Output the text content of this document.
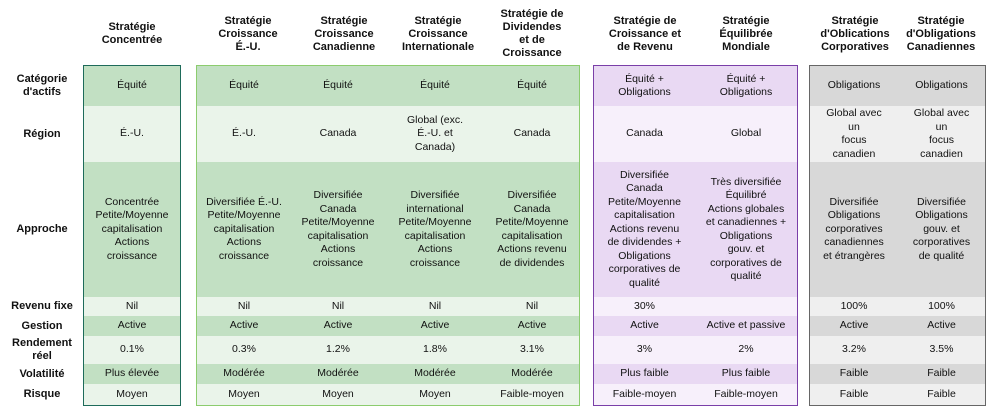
Stratégie
Concentrée
Stratégie
Croissance
É.-U.
Stratégie
Croissance
Canadienne
Stratégie
Croissance
Internationale
Stratégie de
Dividendes
et de
Croissance
Stratégie de
Croissance et
de Revenu
Stratégie
Équilibrée
Mondiale
Stratégie
d'Oblications
Corporatives
Stratégie
d'Obligations
Canadiennes
Catégorie
d'actifs
Région
Approche
Revenu fixe
Gestion
Rendement
réel
Volatilité
Risque
Équité
É.-U.
Concentrée
Petite/Moyenne
capitalisation
Actions
croissance
Nil
Active
0.1%
Plus élevée
Moyen
Équité
É.-U.
Diversifiée É.-U.
Petite/Moyenne
capitalisation
Actions
croissance
Nil
Active
0.3%
Modérée
Moyen
Équité
Canada
Diversifiée
Canada
Petite/Moyenne
capitalisation
Actions
croissance
Nil
Active
1.2%
Modérée
Moyen
Équité
Global (exc.
É.-U. et
Canada)
Diversifiée
international
Petite/Moyenne
capitalisation
Actions
croissance
Nil
Active
1.8%
Modérée
Moyen
Équité
Canada
Diversifiée
Canada
Petite/Moyenne
capitalisation
Actions revenu
de dividendes
Nil
Active
3.1%
Modérée
Faible-moyen
Équité +
Obligations
Canada
Diversifiée
Canada
Petite/Moyenne
capitalisation
Actions revenu
de dividendes +
Obligations
corporatives de
qualité
30%
Active
3%
Plus faible
Faible-moyen
Équité +
Obligations
Global
Très diversifiée
Équilibré
Actions globales
et canadiennes +
Obligations
gouv. et
corporatives de
qualité
Active et passive
2%
Plus faible
Faible-moyen
Obligations
Global avec
un
focus
canadien
Diversifiée
Obligations
corporatives
canadiennes
et étrangères
100%
Active
3.2%
Faible
Faible
Obligations
Global avec
un
focus
canadien
Diversifiée
Obligations
gouv. et
corporatives
de qualité
100%
Active
3.5%
Faible
Faible
